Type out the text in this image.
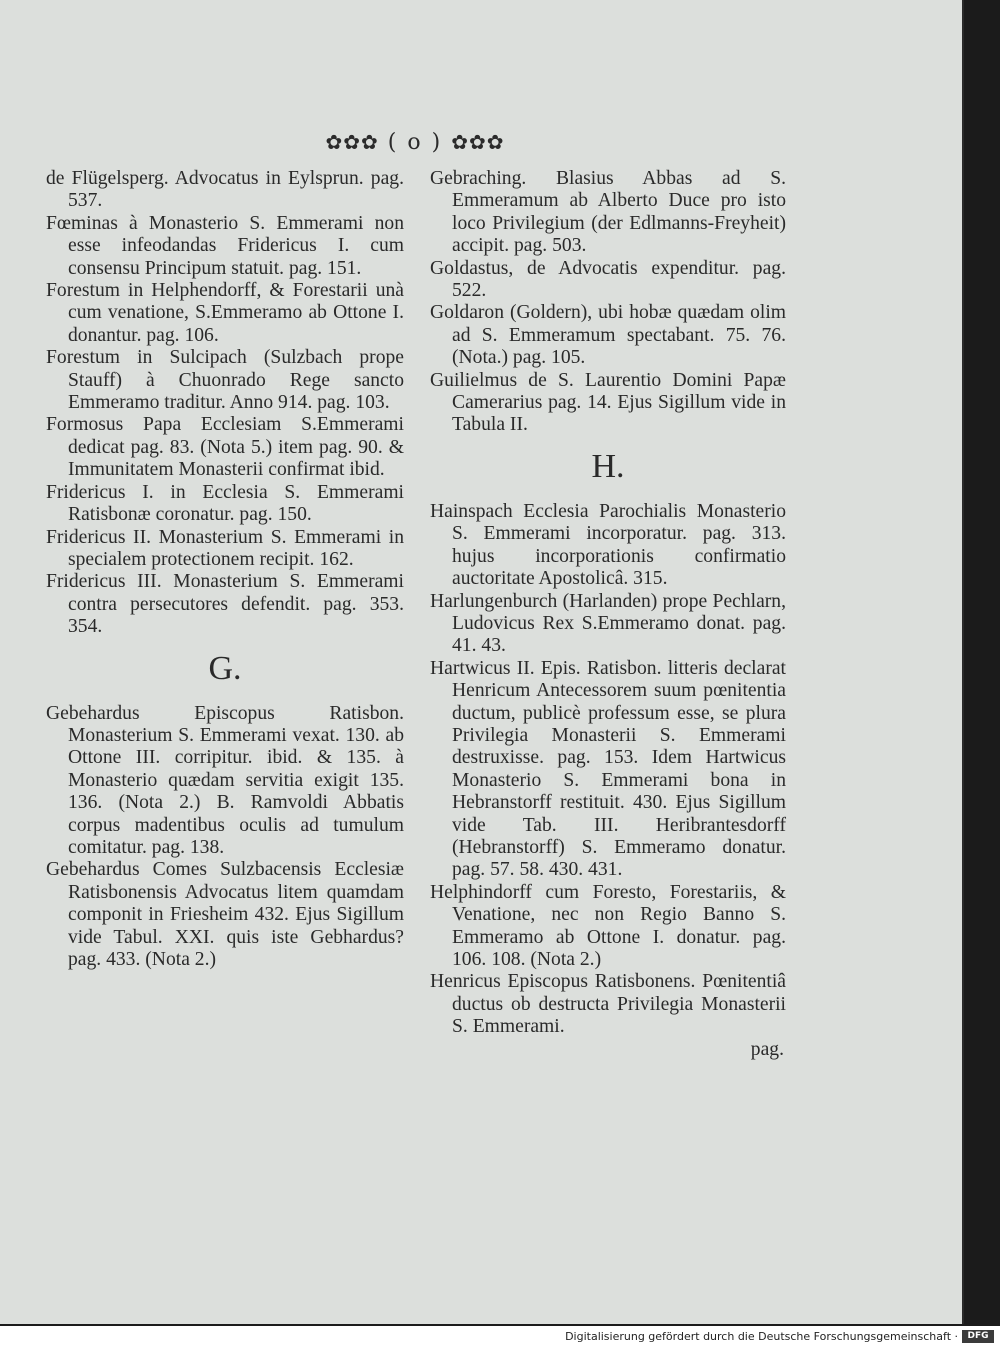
✿✿✿ ( o ) ✿✿✿

de Flügelsperg. Advocatus in Eylsprun. pag. 537.

Fœminas à Monasterio S. Emmerami non esse infeodandas Fridericus I. cum consensu Principum statuit. pag. 151.

Forestum in Helphendorff, & Forestarii unà cum venatione, S.Emmeramo ab Ottone I. donantur. pag. 106.

Forestum in Sulcipach (Sulzbach prope Stauff) à Chuonrado Rege sancto Emmeramo traditur. Anno 914. pag. 103.

Formosus Papa Ecclesiam S.Emmerami dedicat pag. 83. (Nota 5.) item pag. 90. & Immunitatem Monasterii confirmat ibid.

Fridericus I. in Ecclesia S. Emmerami Ratisbonæ coronatur. pag. 150.

Fridericus II. Monasterium S. Emmerami in specialem protectionem recipit. 162.

Fridericus III. Monasterium S. Emmerami contra persecutores defendit. pag. 353. 354.

G.

Gebehardus Episcopus Ratisbon. Monasterium S. Emmerami vexat. 130. ab Ottone III. corripitur. ibid. & 135. à Monasterio quædam servitia exigit 135. 136. (Nota 2.) B. Ramvoldi Abbatis corpus madentibus oculis ad tumulum comitatur. pag. 138.

Gebehardus Comes Sulzbacensis Ecclesiæ Ratisbonensis Advocatus litem quamdam componit in Friesheim 432. Ejus Sigillum vide Tabul. XXI. quis iste Gebhardus? pag. 433. (Nota 2.)

Gebraching. Blasius Abbas ad S. Emmeramum ab Alberto Duce pro isto loco Privilegium (der Edlmanns-Freyheit) accipit. pag. 503.

Goldastus, de Advocatis expenditur. pag. 522.

Goldaron (Goldern), ubi hobæ quædam olim ad S. Emmeramum spectabant. 75. 76. (Nota.) pag. 105.

Guilielmus de S. Laurentio Domini Papæ Camerarius pag. 14. Ejus Sigillum vide in Tabula II.

H.

Hainspach Ecclesia Parochialis Monasterio S. Emmerami incorporatur. pag. 313. hujus incorporationis confirmatio auctoritate Apostolicâ. 315.

Harlungenburch (Harlanden) prope Pechlarn, Ludovicus Rex S.Emmeramo donat. pag. 41. 43.

Hartwicus II. Epis. Ratisbon. litteris declarat Henricum Antecessorem suum pœnitentia ductum, publicè professum esse, se plura Privilegia Monasterii S. Emmerami destruxisse. pag. 153. Idem Hartwicus Monasterio S. Emmerami bona in Hebranstorff restituit. 430. Ejus Sigillum vide Tab. III. Heribrantesdorff (Hebranstorff) S. Emmeramo donatur. pag. 57. 58. 430. 431.

Helphindorff cum Foresto, Forestariis, & Venatione, nec non Regio Banno S. Emmeramo ab Ottone I. donatur. pag. 106. 108. (Nota 2.)

Henricus Episcopus Ratisbonens. Pœnitentiâ ductus ob destructa Privilegia Monasterii S. Emmerami.

pag.
Digitalisierung gefördert durch die Deutsche Forschungsgemeinschaft ·	DFG
